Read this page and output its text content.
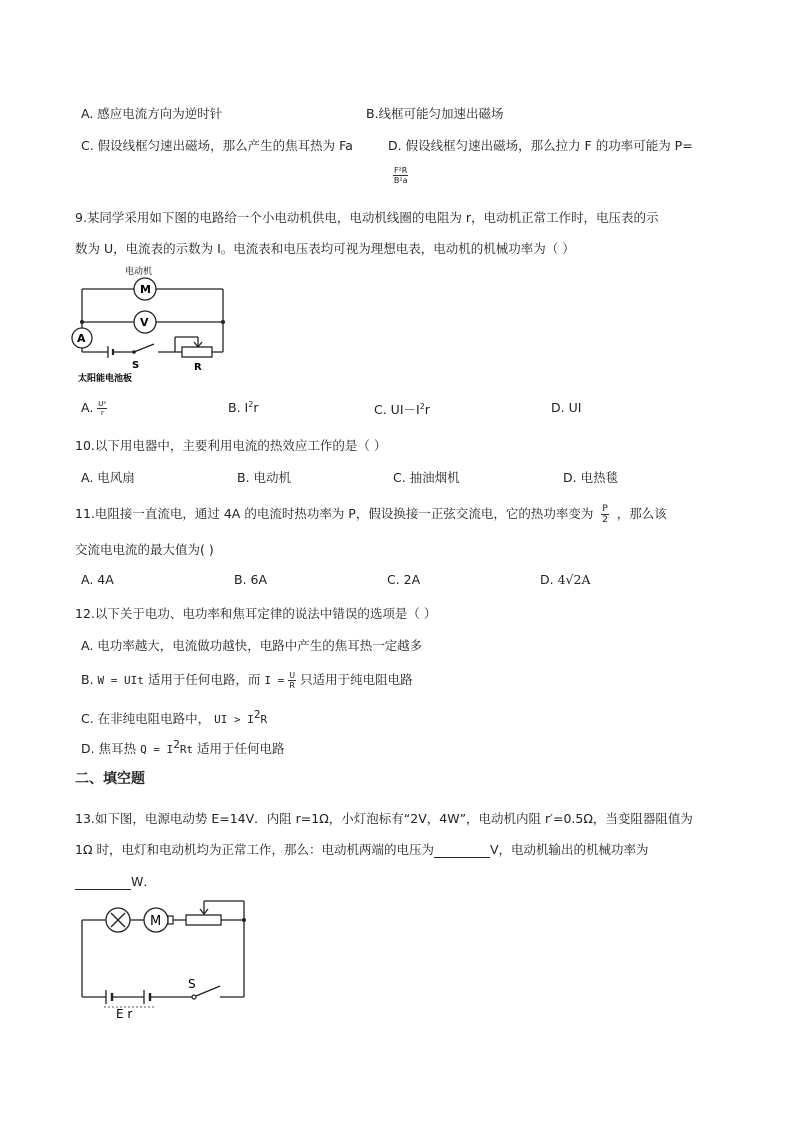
A. 感应电流方向为逆时针	B.线框可能匀加速出磁场
C. 假设线框匀速出磁场，那么产生的焦耳热为 Fa	D. 假设线框匀速出磁场，那么拉力 F 的功率可能为 P=
$\frac{\text{F²R}}{\text{B²a}}$
9.某同学采用如下图的电路给一个小电动机供电，电动机线圈的电阻为 r，电动机正常工作时，电压表的示
数为 U，电流表的示数为 I。电流表和电压表均可视为理想电表，电动机的机械功率为（ ）
电动机
M
V
A
S	R
太阳能电池板
A. $\frac{\text{U²}}{r}$	B. $I^2r$	C. $UI-I^2r$	D. UI
10.以下用电器中，主要利用电流的热效应工作的是（ ）
A. 电风扇	B. 电动机	C. 抽油烟机	D. 电热毯
11.电阻接一直流电，通过 4A 的电流时热功率为 P，假设换接一正弦交流电，它的热功率变为 $\frac{P}{2}$ ，那么该
交流电电流的最大值为( )
A. 4A	B. 6A	C. 2A	D. 4√2A
12.以下关于电功、电功率和焦耳定律的说法中错误的选项是（ ）
A. 电功率越大，电流做功越快，电路中产生的焦耳热一定越多
B. W = UIt 适用于任何电路，而 $I = \frac{U}{R}$ 只适用于纯电阻电路
C. 在非纯电阻电路中， UI > $I^2R$
D. 焦耳热 $Q = I^2Rt$ 适用于任何电路
二、填空题
13.如下图，电源电动势 E=14V．内阻 r=1Ω，小灯泡标有“2V，4W”，电动机内阻 r′=0.5Ω，当变阻器阻值为
1Ω 时，电灯和电动机均为正常工作，那么：电动机两端的电压为	V，电动机输出的机械功率为
W．
M
S
E r
